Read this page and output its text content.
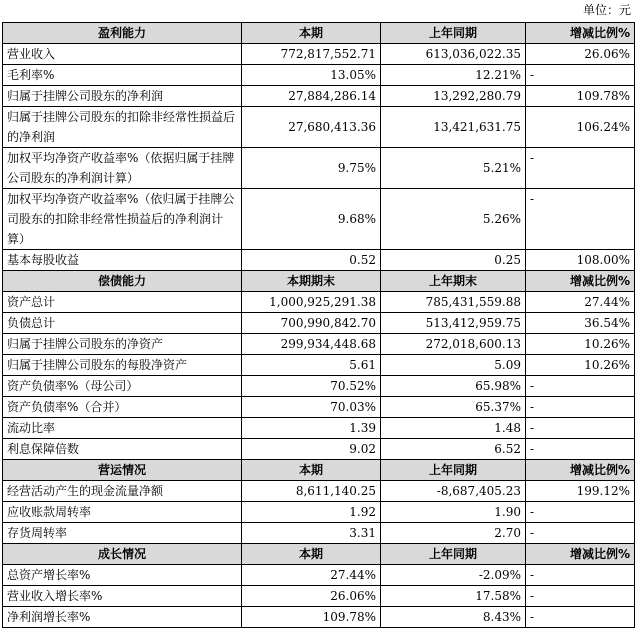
单位：元
盈利能力	本期	上年同期	增减比例%
营业收入	772,817,552.71	613,036,022.35	26.06%
毛利率%	13.05%	12.21%	-
归属于挂牌公司股东的净利润	27,884,286.14	13,292,280.79	109.78%
归属于挂牌公司股东的扣除非经常性损益后的净利润	27,680,413.36	13,421,631.75	106.24%
加权平均净资产收益率%（依据归属于挂牌公司股东的净利润计算）	9.75%	5.21%	-
加权平均净资产收益率%（依归属于挂牌公司股东的扣除非经常性损益后的净利润计算）	9.68%	5.26%	-
基本每股收益	0.52	0.25	108.00%
偿债能力	本期期末	上年期末	增减比例%
资产总计	1,000,925,291.38	785,431,559.88	27.44%
负债总计	700,990,842.70	513,412,959.75	36.54%
归属于挂牌公司股东的净资产	299,934,448.68	272,018,600.13	10.26%
归属于挂牌公司股东的每股净资产	5.61	5.09	10.26%
资产负债率%（母公司）	70.52%	65.98%	-
资产负债率%（合并）	70.03%	65.37%	-
流动比率	1.39	1.48	-
利息保障倍数	9.02	6.52	-
营运情况	本期	上年同期	增减比例%
经营活动产生的现金流量净额	8,611,140.25	-8,687,405.23	199.12%
应收账款周转率	1.92	1.90	-
存货周转率	3.31	2.70	-
成长情况	本期	上年同期	增减比例%
总资产增长率%	27.44%	-2.09%	-
营业收入增长率%	26.06%	17.58%	-
净利润增长率%	109.78%	8.43%	-
